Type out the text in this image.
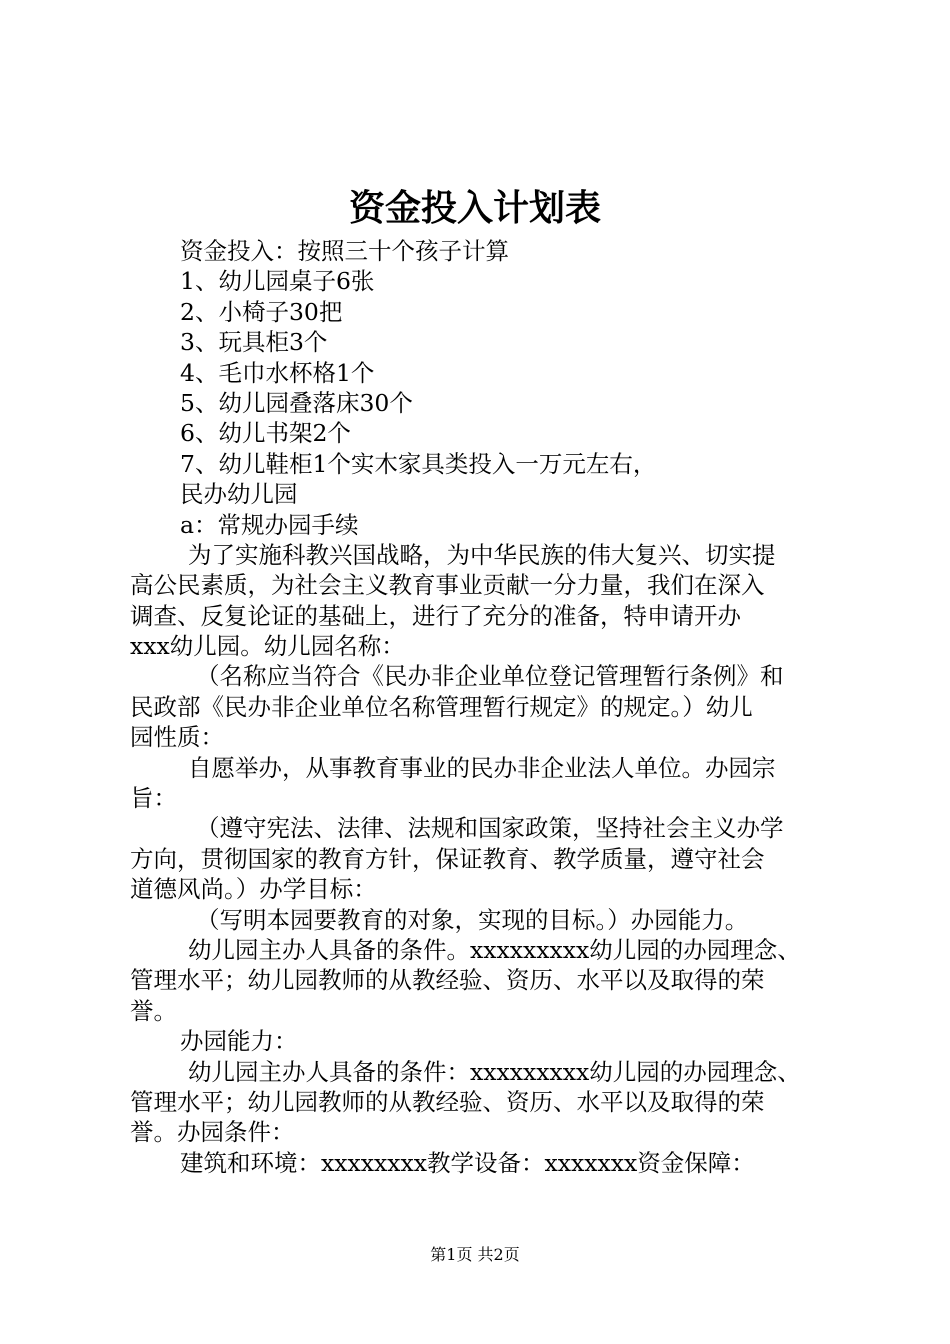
资金投入计划表
资金投入：按照三十个孩子计算
1、幼儿园桌子6张
2、小椅子30把
3、玩具柜3个
4、毛巾水杯格1个
5、幼儿园叠落床30个
6、幼儿书架2个
7、幼儿鞋柜1个实木家具类投入一万元左右，
民办幼儿园
a：常规办园手续
为了实施科教兴国战略，为中华民族的伟大复兴、切实提
高公民素质，为社会主义教育事业贡献一分力量，我们在深入
调查、反复论证的基础上，进行了充分的准备，特申请开办
xxx幼儿园。幼儿园名称：
（名称应当符合《民办非企业单位登记管理暂行条例》和
民政部《民办非企业单位名称管理暂行规定》的规定。）幼儿
园性质：
自愿举办，从事教育事业的民办非企业法人单位。办园宗
旨：
（遵守宪法、法律、法规和国家政策，坚持社会主义办学
方向，贯彻国家的教育方针，保证教育、教学质量，遵守社会
道德风尚。）办学目标：
（写明本园要教育的对象，实现的目标。）办园能力。
幼儿园主办人具备的条件。xxxxxxxxx幼儿园的办园理念、
管理水平；幼儿园教师的从教经验、资历、水平以及取得的荣
誉。
办园能力：
幼儿园主办人具备的条件：xxxxxxxxx幼儿园的办园理念、
管理水平；幼儿园教师的从教经验、资历、水平以及取得的荣
誉。办园条件：
建筑和环境：xxxxxxxx教学设备：xxxxxxx资金保障：
第1页 共2页
